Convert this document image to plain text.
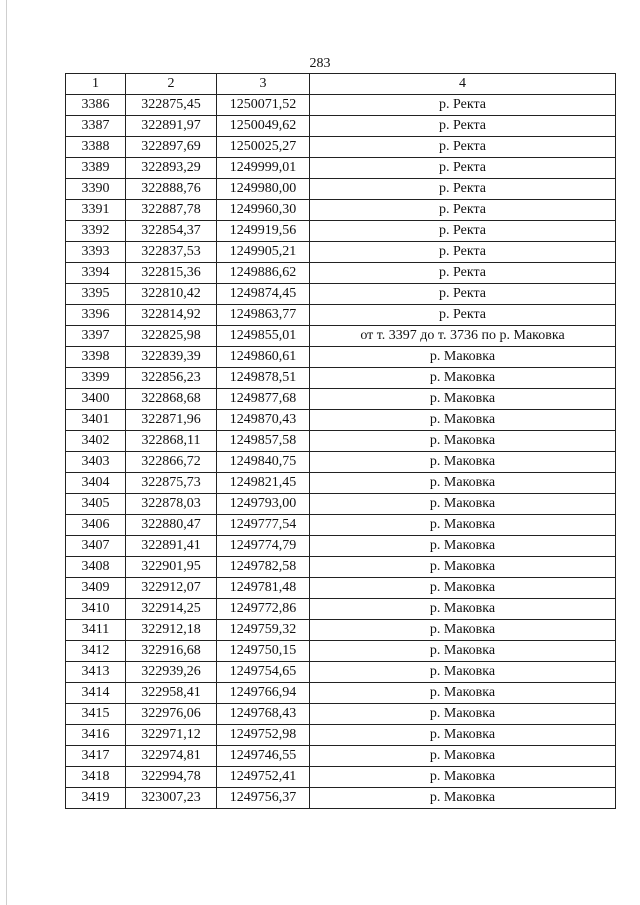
283
1	2	3	4
3386	322875,45	1250071,52	р. Ректа
3387	322891,97	1250049,62	р. Ректа
3388	322897,69	1250025,27	р. Ректа
3389	322893,29	1249999,01	р. Ректа
3390	322888,76	1249980,00	р. Ректа
3391	322887,78	1249960,30	р. Ректа
3392	322854,37	1249919,56	р. Ректа
3393	322837,53	1249905,21	р. Ректа
3394	322815,36	1249886,62	р. Ректа
3395	322810,42	1249874,45	р. Ректа
3396	322814,92	1249863,77	р. Ректа
3397	322825,98	1249855,01	от т. 3397 до т. 3736 по р. Маковка
3398	322839,39	1249860,61	р. Маковка
3399	322856,23	1249878,51	р. Маковка
3400	322868,68	1249877,68	р. Маковка
3401	322871,96	1249870,43	р. Маковка
3402	322868,11	1249857,58	р. Маковка
3403	322866,72	1249840,75	р. Маковка
3404	322875,73	1249821,45	р. Маковка
3405	322878,03	1249793,00	р. Маковка
3406	322880,47	1249777,54	р. Маковка
3407	322891,41	1249774,79	р. Маковка
3408	322901,95	1249782,58	р. Маковка
3409	322912,07	1249781,48	р. Маковка
3410	322914,25	1249772,86	р. Маковка
3411	322912,18	1249759,32	р. Маковка
3412	322916,68	1249750,15	р. Маковка
3413	322939,26	1249754,65	р. Маковка
3414	322958,41	1249766,94	р. Маковка
3415	322976,06	1249768,43	р. Маковка
3416	322971,12	1249752,98	р. Маковка
3417	322974,81	1249746,55	р. Маковка
3418	322994,78	1249752,41	р. Маковка
3419	323007,23	1249756,37	р. Маковка
